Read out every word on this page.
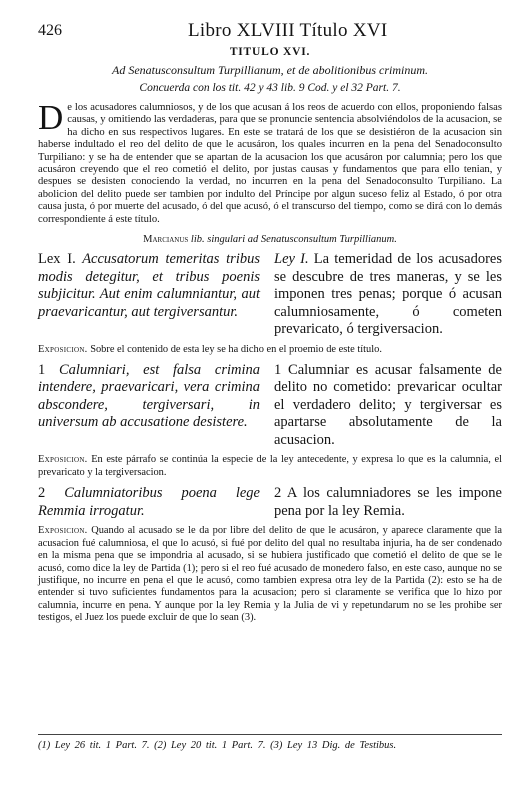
426	Libro XLVIII Título XVI
TITULO XVI.
Ad Senatusconsultum Turpillianum, et de abolitionibus criminum.
Concuerda con los tit. 42 y 43 lib. 9 Cod. y el 32 Part. 7.
D e los acusadores calumniosos, y de los que acusan á los reos de acuerdo con ellos, proponiendo falsas causas, y omitiendo las verdaderas, para que se pronuncie sentencia absolviéndolos de la acusacion, se ha dicho en sus respectivos lugares. En este se tratará de los que se desistiéron de la acusacion sin haberse indultado el reo del delito de que le acusáron, los quales incurren en la pena del Senadoconsulto Turpiliano: y se ha de entender que se apartan de la acusacion los que acusáron por calumnia; pero los que acusáron creyendo que el reo cometió el delito, por justas causas y fundamentos que para ello tenian, y despues se desisten conociendo la verdad, no incurren en la pena del Senadoconsulto Turpiliano. La abolicion del delito puede ser tambien por indulto del Príncipe por algun suceso feliz al Estado, ó por otra causa justa, ó por muerte del acusado, ó del que acusó, ó el transcurso del tiempo, como se dirá con lo demás correspondiente á este título.
Marcianus lib. singulari ad Senatusconsultum Turpillianum.
Lex I. Accusatorum temeritas tribus modis detegitur, et tribus poenis subjicitur. Aut enim calumniantur, aut praevaricantur, aut tergiversantur.
Ley I. La temeridad de los acusadores se descubre de tres maneras, y se les imponen tres penas; porque ó acusan calumniosamente, ó cometen prevaricato, ó tergiversacion.
Exposicion. Sobre el contenido de esta ley se ha dicho en el proemio de este título.
1 Calumniari, est falsa crimina intendere, praevaricari, vera crimina abscondere, tergiversari, in universum ab accusatione desistere.
1 Calumniar es acusar falsamente de delito no cometido: prevaricar ocultar el verdadero delito; y tergiversar es apartarse absolutamente de la acusacion.
Exposicion. En este párrafo se continúa la especie de la ley antecedente, y expresa lo que es la calumnia, el prevaricato y la tergiversacion.
2 Calumniatoribus poena lege Remmia irrogatur.
2 A los calumniadores se les impone pena por la ley Remia.
Exposicion. Quando al acusado se le da por libre del delito de que le acusáron, y aparece claramente que la acusacion fué calumniosa, el que lo acusó, si fué por delito del qual no resultaba injuria, ha de ser condenado en la misma pena que se impondria al acusado, si se hubiera justificado que cometió el delito de que se le acusó, como dice la ley de Partida (1); pero si el reo fué acusado de monedero falso, en este caso, aunque no se justifique, no incurre en pena el que le acusó, como tambien expresa otra ley de la Partida (2): esto se ha de entender si tuvo suficientes fundamentos para la acusacion; pero si claramente se verifica que lo hizo por calumnia, incurre en pena. Y aunque por la ley Remia y la Julia de vi y repetundarum no se les prohibe ser testigos, el Juez los puede excluir de que lo sean (3).
(1) Ley 26 tit. 1 Part. 7. (2) Ley 20 tit. 1 Part. 7. (3) Ley 13 Dig. de Testibus.
